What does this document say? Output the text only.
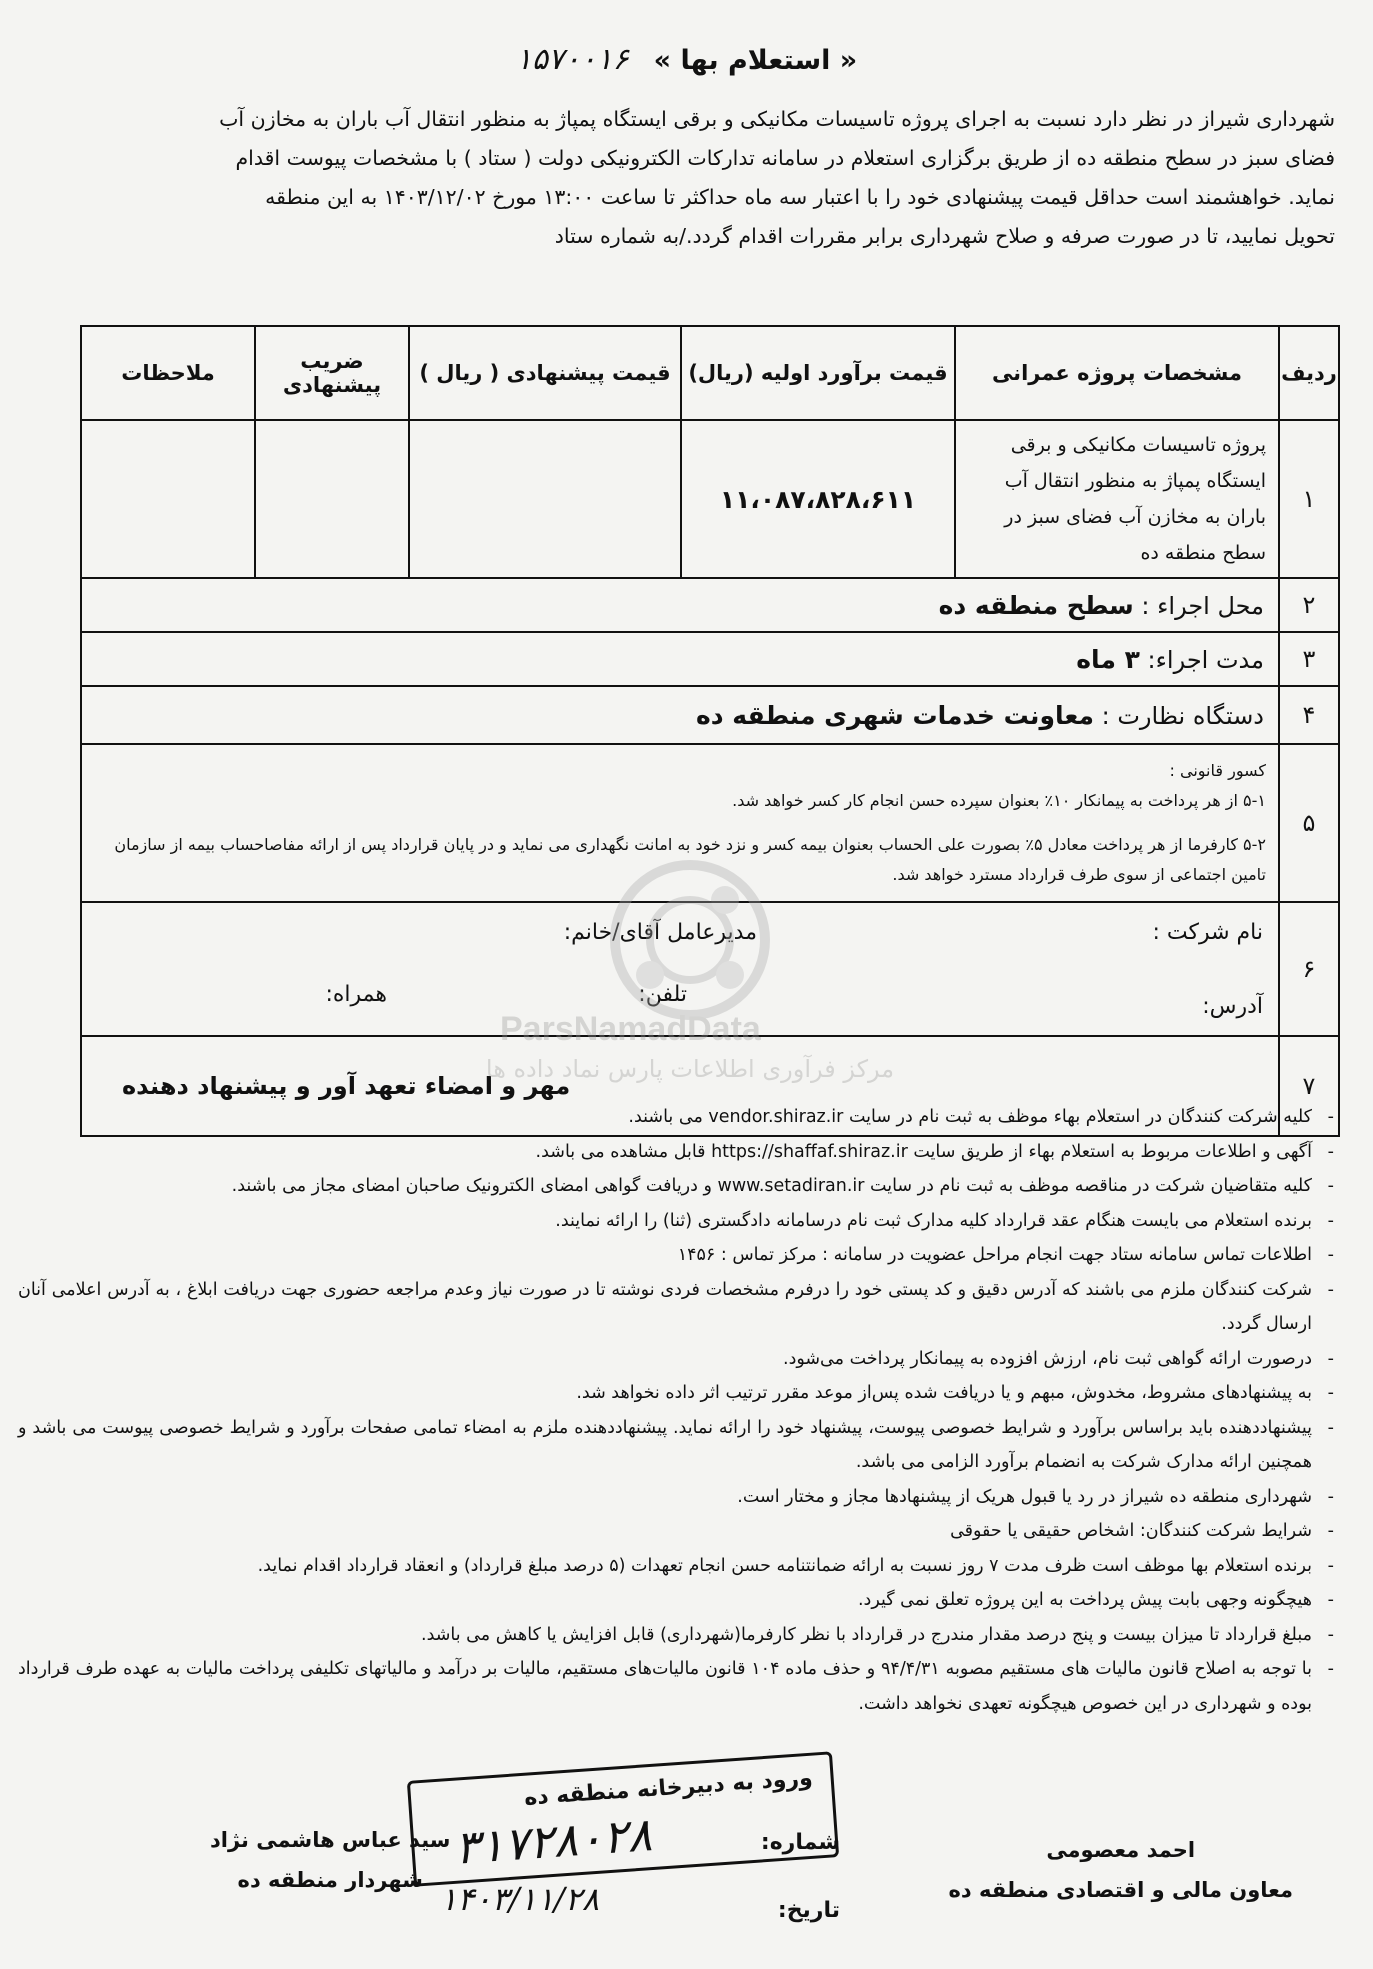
« استعلام بها » ۱۵۷۰۰۱۶

شهرداری شیراز در نظر دارد نسبت به اجرای پروژه تاسیسات مکانیکی و برقی ایستگاه پمپاژ به منظور انتقال آب باران به مخازن آب

فضای سبز در سطح منطقه ده از طریق برگزاری استعلام در سامانه تدارکات الکترونیکی دولت ( ستاد ) با مشخصات پیوست اقدام

نماید. خواهشمند است حداقل قیمت پیشنهادی خود را با اعتبار سه ماه حداکثر تا ساعت ۱۳:۰۰ مورخ ۱۴۰۳/۱۲/۰۲ به این منطقه

تحویل نمایید، تا در صورت صرفه و صلاح شهرداری برابر مقررات اقدام گردد./به شماره ستاد

ردیف	مشخصات پروژه عمرانی	قیمت برآورد اولیه (ریال)	قیمت پیشنهادی ( ریال )	ضریب پیشنهادی	ملاحظات
۱	پروژه تاسیسات مکانیکی و برقی ایستگاه پمپاژ به منظور انتقال آب باران به مخازن آب فضای سبز در سطح منطقه ده	۱۱،۰۸۷،۸۲۸،۶۱۱			
۲	محل اجراء : سطح منطقه ده				
۳	مدت اجراء: ۳ ماه				
۴	دستگاه نظارت : معاونت خدمات شهری منطقه ده				
۵	کسور قانونی :

۵-۱ از هر پرداخت به پیمانکار ۱۰٪ بعنوان سپرده حسن انجام کار کسر خواهد شد.

۵-۲ کارفرما از هر پرداخت معادل ۵٪ بصورت علی الحساب بعنوان بیمه کسر و نزد خود به امانت نگهداری می نماید و در پایان قرارداد پس از ارائه مفاصاحساب بیمه از سازمان تامین اجتماعی از سوی طرف قرارداد مسترد خواهد شد.				

۶	نام شرکت :
مدیرعامل آقای/خانم:
آدرس:
تلفن:
همراه:				

۷	مهر و امضاء تعهد آور و پیشنهاد دهنده				
ParsNamadData
مرکز فرآوری اطلاعات پارس نماد داده ها
- کلیه شرکت کنندگان در استعلام بهاء موظف به ثبت نام در سایت vendor.shiraz.ir می باشند.
- آگهی و اطلاعات مربوط به استعلام بهاء از طریق سایت https://shaffaf.shiraz.ir قابل مشاهده می باشد.
- کلیه متقاضیان شرکت در مناقصه موظف به ثبت نام در سایت www.setadiran.ir و دریافت گواهی امضای الکترونیک صاحبان امضای مجاز می باشند.
- برنده استعلام می بایست هنگام عقد قرارداد کلیه مدارک ثبت نام درسامانه دادگستری (ثنا) را ارائه نمایند.
- اطلاعات تماس سامانه ستاد جهت انجام مراحل عضویت در سامانه : مرکز تماس : ۱۴۵۶
- شرکت کنندگان ملزم می باشند که آدرس دقیق و کد پستی خود را درفرم مشخصات فردی نوشته تا در صورت نیاز وعدم مراجعه حضوری جهت دریافت ابلاغ ، به آدرس اعلامی آنان ارسال گردد.
- درصورت ارائه گواهی ثبت نام، ارزش افزوده به پیمانکار پرداخت می‌شود.
- به پیشنهادهای مشروط، مخدوش، مبهم و یا دریافت شده پس‌از موعد مقرر ترتیب اثر داده نخواهد شد.
- پیشنهاددهنده باید براساس برآورد و شرایط خصوصی پیوست، پیشنهاد خود را ارائه نماید. پیشنهاددهنده ملزم به امضاء تمامی صفحات برآورد و شرایط خصوصی پیوست می باشد و همچنین ارائه مدارک شرکت به انضمام برآورد الزامی می باشد.
- شهرداری منطقه ده شیراز در رد یا قبول هریک از پیشنهادها مجاز و مختار است.
- شرایط شرکت کنندگان: اشخاص حقیقی یا حقوقی
- برنده استعلام بها موظف است ظرف مدت ۷ روز نسبت به ارائه ضمانتنامه حسن انجام تعهدات (۵ درصد مبلغ قرارداد) و انعقاد قرارداد اقدام نماید.
- هیچگونه وجهی بابت پیش پرداخت به این پروژه تعلق نمی گیرد.
- مبلغ قرارداد تا میزان بیست و پنج درصد مقدار مندرج در قرارداد با نظر کارفرما(شهرداری) قابل افزایش یا کاهش می باشد.
- با توجه به اصلاح قانون مالیات های مستقیم مصوبه ۹۴/۴/۳۱ و حذف ماده ۱۰۴ قانون مالیات‌های مستقیم، مالیات بر درآمد و مالیاتهای تکلیفی پرداخت مالیات به عهده طرف قرارداد بوده و شهرداری در این خصوص هیچگونه تعهدی نخواهد داشت.
ورود به دبیرخانه منطقه ده
۳۱۷۲۸۰۲۸	شماره:
۱۴۰۳/۱۱/۲۸	تاریخ:
احمد معصومی
معاون مالی و اقتصادی منطقه ده
سید عباس هاشمی نژاد
شهردار منطقه ده
